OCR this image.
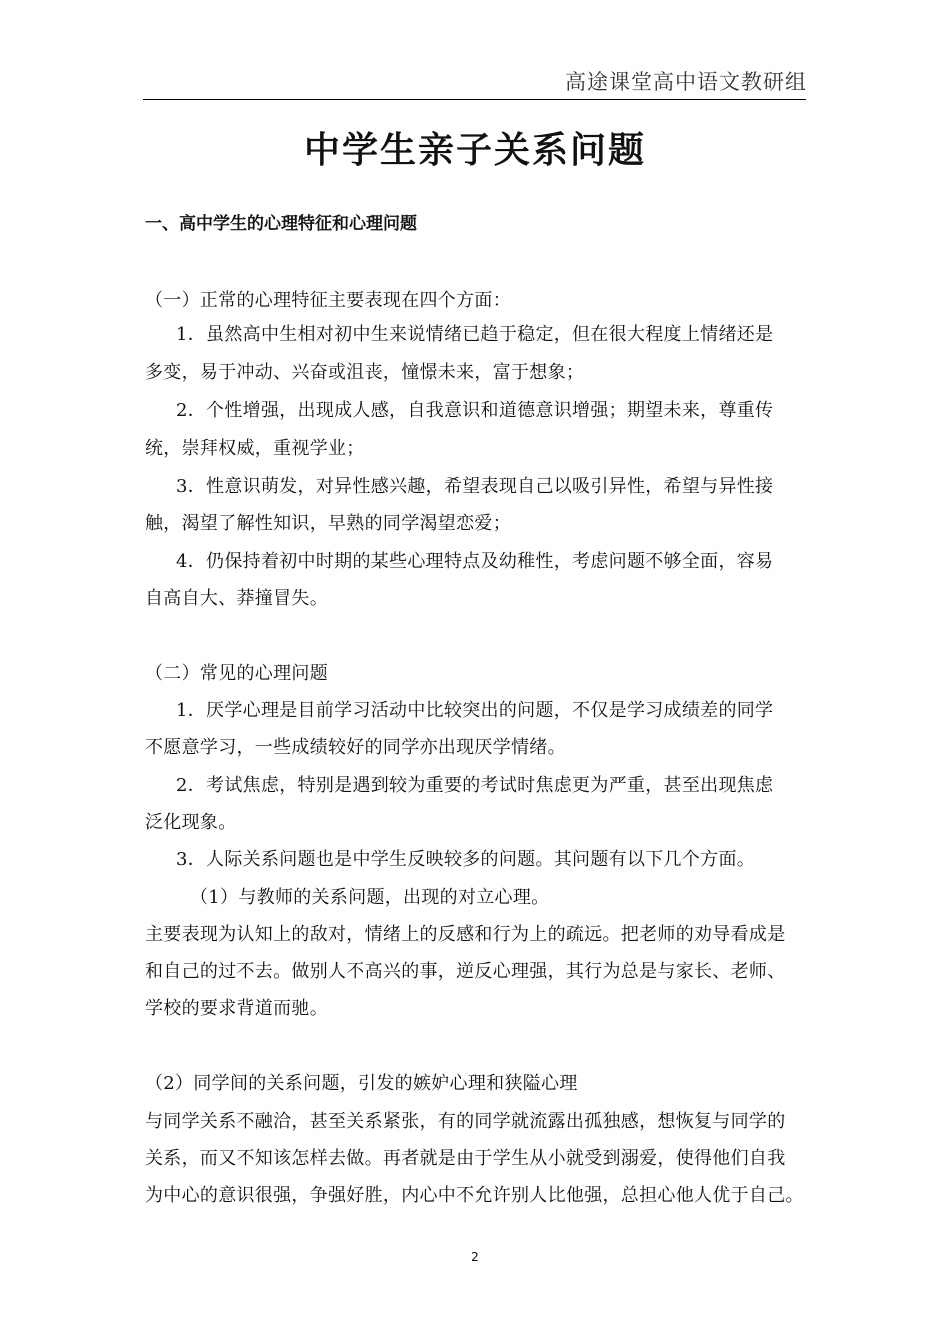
高途课堂高中语文教研组
中学生亲子关系问题
一、高中学生的心理特征和心理问题
（一）正常的心理特征主要表现在四个方面：
1．虽然高中生相对初中生来说情绪已趋于稳定，但在很大程度上情绪还是
多变，易于冲动、兴奋或沮丧，憧憬未来，富于想象；
2．个性增强，出现成人感，自我意识和道德意识增强；期望未来，尊重传
统，崇拜权威，重视学业；
3．性意识萌发，对异性感兴趣，希望表现自己以吸引异性，希望与异性接
触，渴望了解性知识，早熟的同学渴望恋爱；
4．仍保持着初中时期的某些心理特点及幼稚性，考虑问题不够全面，容易
自高自大、莽撞冒失。
（二）常见的心理问题
1．厌学心理是目前学习活动中比较突出的问题，不仅是学习成绩差的同学
不愿意学习，一些成绩较好的同学亦出现厌学情绪。
2．考试焦虑，特别是遇到较为重要的考试时焦虑更为严重，甚至出现焦虑
泛化现象。
3．人际关系问题也是中学生反映较多的问题。其问题有以下几个方面。
（1）与教师的关系问题，出现的对立心理。
主要表现为认知上的敌对，情绪上的反感和行为上的疏远。把老师的劝导看成是
和自己的过不去。做别人不高兴的事，逆反心理强，其行为总是与家长、老师、
学校的要求背道而驰。
（2）同学间的关系问题，引发的嫉妒心理和狭隘心理
与同学关系不融洽，甚至关系紧张，有的同学就流露出孤独感，想恢复与同学的
关系，而又不知该怎样去做。再者就是由于学生从小就受到溺爱，使得他们自我
为中心的意识很强，争强好胜，内心中不允许别人比他强，总担心他人优于自己。
2
